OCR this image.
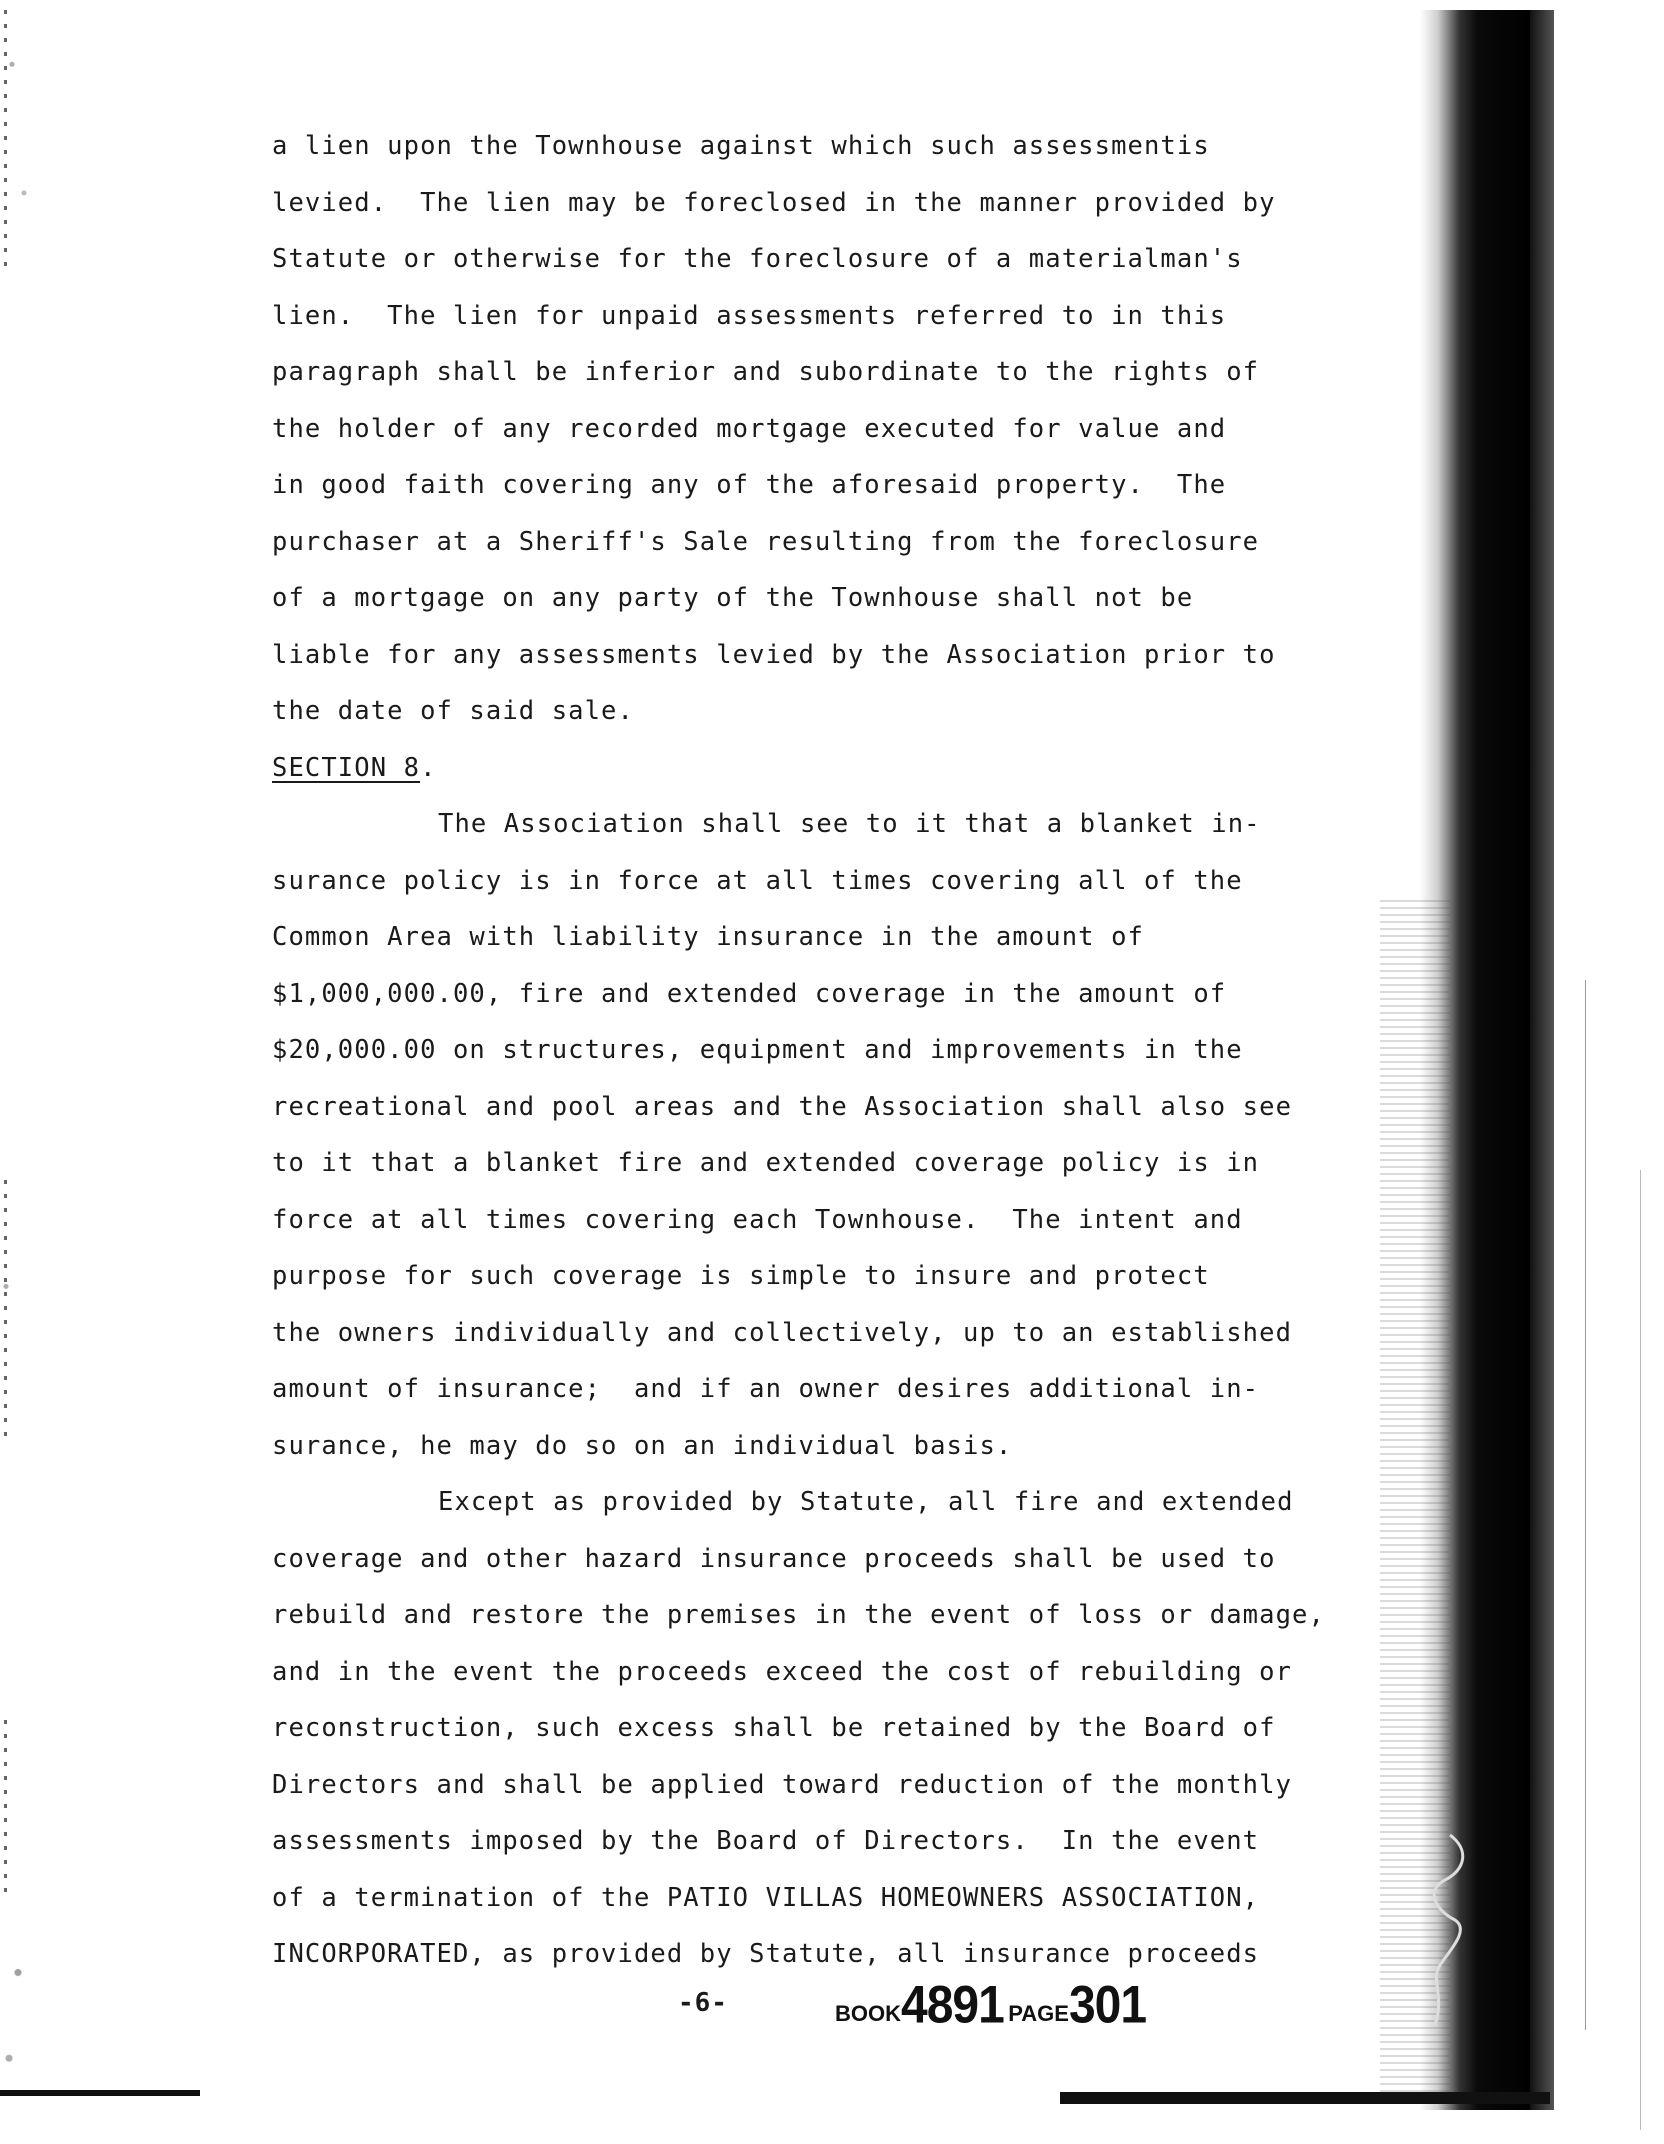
a lien upon the Townhouse against which such assessmentis
levied.  The lien may be foreclosed in the manner provided by
Statute or otherwise for the foreclosure of a materialman's
lien.  The lien for unpaid assessments referred to in this
paragraph shall be inferior and subordinate to the rights of
the holder of any recorded mortgage executed for value and
in good faith covering any of the aforesaid property.  The
purchaser at a Sheriff's Sale resulting from the foreclosure
of a mortgage on any party of the Townhouse shall not be
liable for any assessments levied by the Association prior to
the date of said sale.
SECTION 8.
The Association shall see to it that a blanket in-
surance policy is in force at all times covering all of the
Common Area with liability insurance in the amount of
$1,000,000.00, fire and extended coverage in the amount of
$20,000.00 on structures, equipment and improvements in the
recreational and pool areas and the Association shall also see
to it that a blanket fire and extended coverage policy is in
force at all times covering each Townhouse.  The intent and
purpose for such coverage is simple to insure and protect
the owners individually and collectively, up to an established
amount of insurance;  and if an owner desires additional in-
surance, he may do so on an individual basis.
Except as provided by Statute, all fire and extended
coverage and other hazard insurance proceeds shall be used to
rebuild and restore the premises in the event of loss or damage,
and in the event the proceeds exceed the cost of rebuilding or
reconstruction, such excess shall be retained by the Board of
Directors and shall be applied toward reduction of the monthly
assessments imposed by the Board of Directors.  In the event
of a termination of the PATIO VILLAS HOMEOWNERS ASSOCIATION,
INCORPORATED, as provided by Statute, all insurance proceeds
-6-	BOOK4891 PAGE301
